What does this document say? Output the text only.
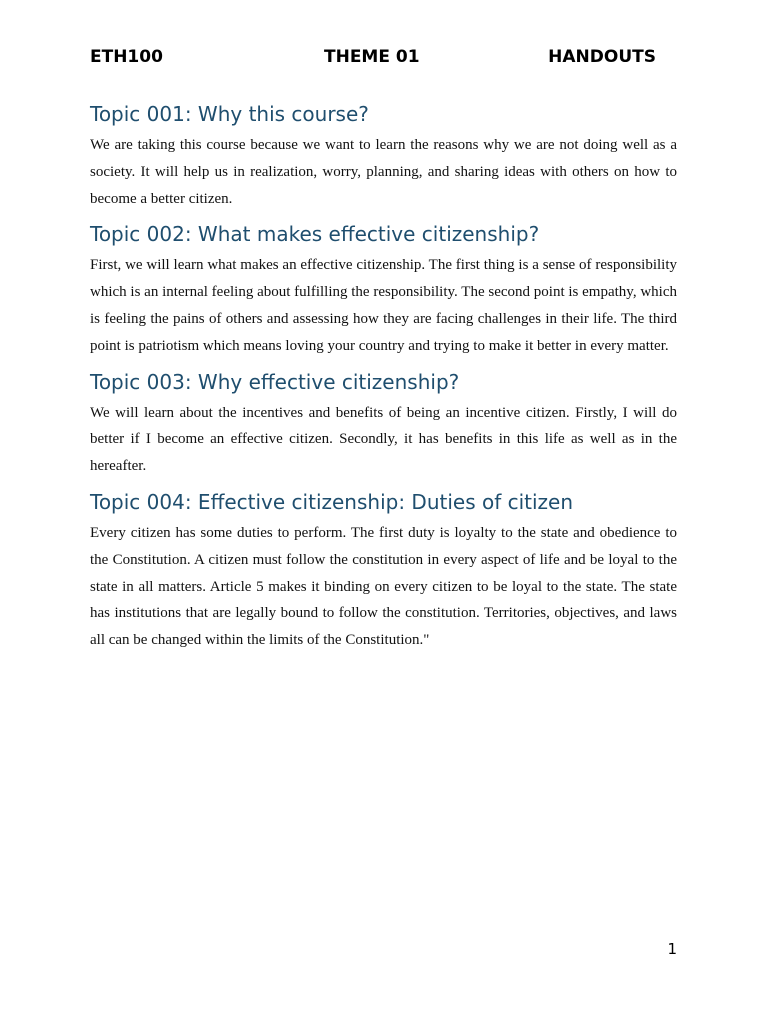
ETH100	THEME 01	HANDOUTS
Topic 001: Why this course?

We are taking this course because we want to learn the reasons why we are not doing well as a society. It will help us in realization, worry, planning, and sharing ideas with others on how to become a better citizen.

Topic 002: What makes effective citizenship?

First, we will learn what makes an effective citizenship. The first thing is a sense of responsibility which is an internal feeling about fulfilling the responsibility. The second point is empathy, which is feeling the pains of others and assessing how they are facing challenges in their life. The third point is patriotism which means loving your country and trying to make it better in every matter.

Topic 003: Why effective citizenship?

We will learn about the incentives and benefits of being an incentive citizen. Firstly, I will do better if I become an effective citizen. Secondly, it has benefits in this life as well as in the hereafter.

Topic 004: Effective citizenship: Duties of citizen

Every citizen has some duties to perform. The first duty is loyalty to the state and obedience to the Constitution. A citizen must follow the constitution in every aspect of life and be loyal to the state in all matters. Article 5 makes it binding on every citizen to be loyal to the state. The state has institutions that are legally bound to follow the constitution. Territories, objectives, and laws all can be changed within the limits of the Constitution."

1
